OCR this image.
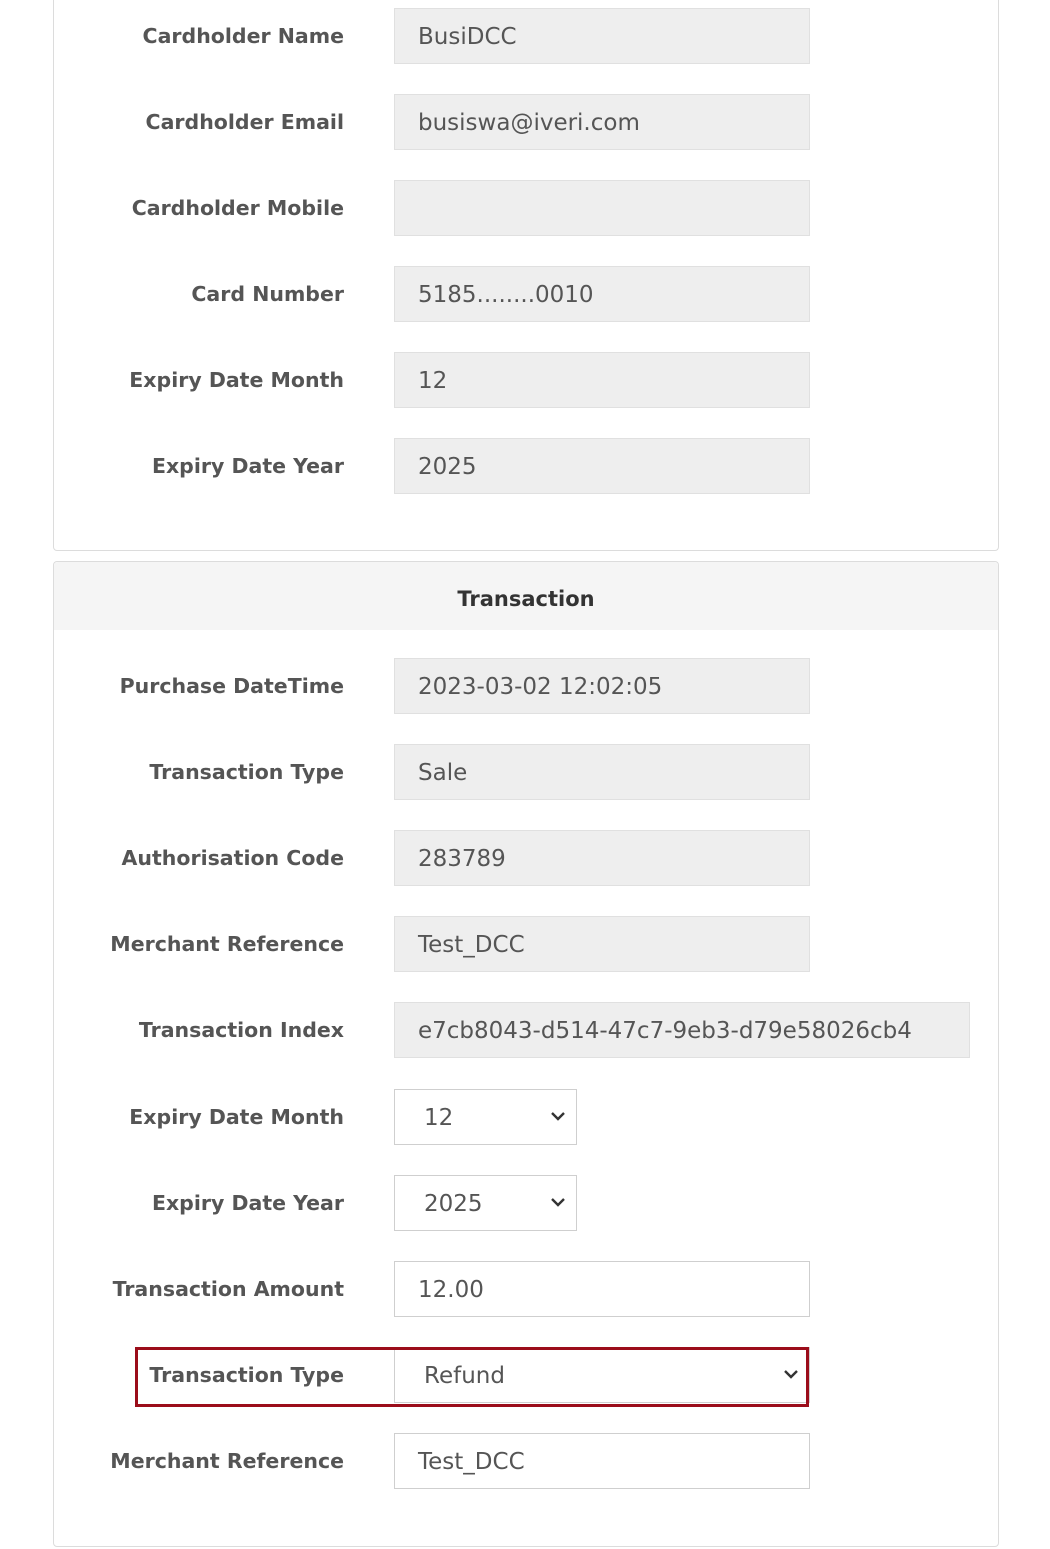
Cardholder Name	BusiDCC
Cardholder Email	busiswa@iveri.com
Cardholder Mobile
Card Number	5185........0010
Expiry Date Month	12
Expiry Date Year	2025
Transaction
Purchase DateTime	2023-03-02 12:02:05
Transaction Type	Sale
Authorisation Code	283789
Merchant Reference	Test_DCC
Transaction Index	e7cb8043-d514-47c7-9eb3-d79e58026cb4
Expiry Date Month	12
Expiry Date Year	2025
Transaction Amount	12.00
Transaction Type	Refund
Merchant Reference	Test_DCC
